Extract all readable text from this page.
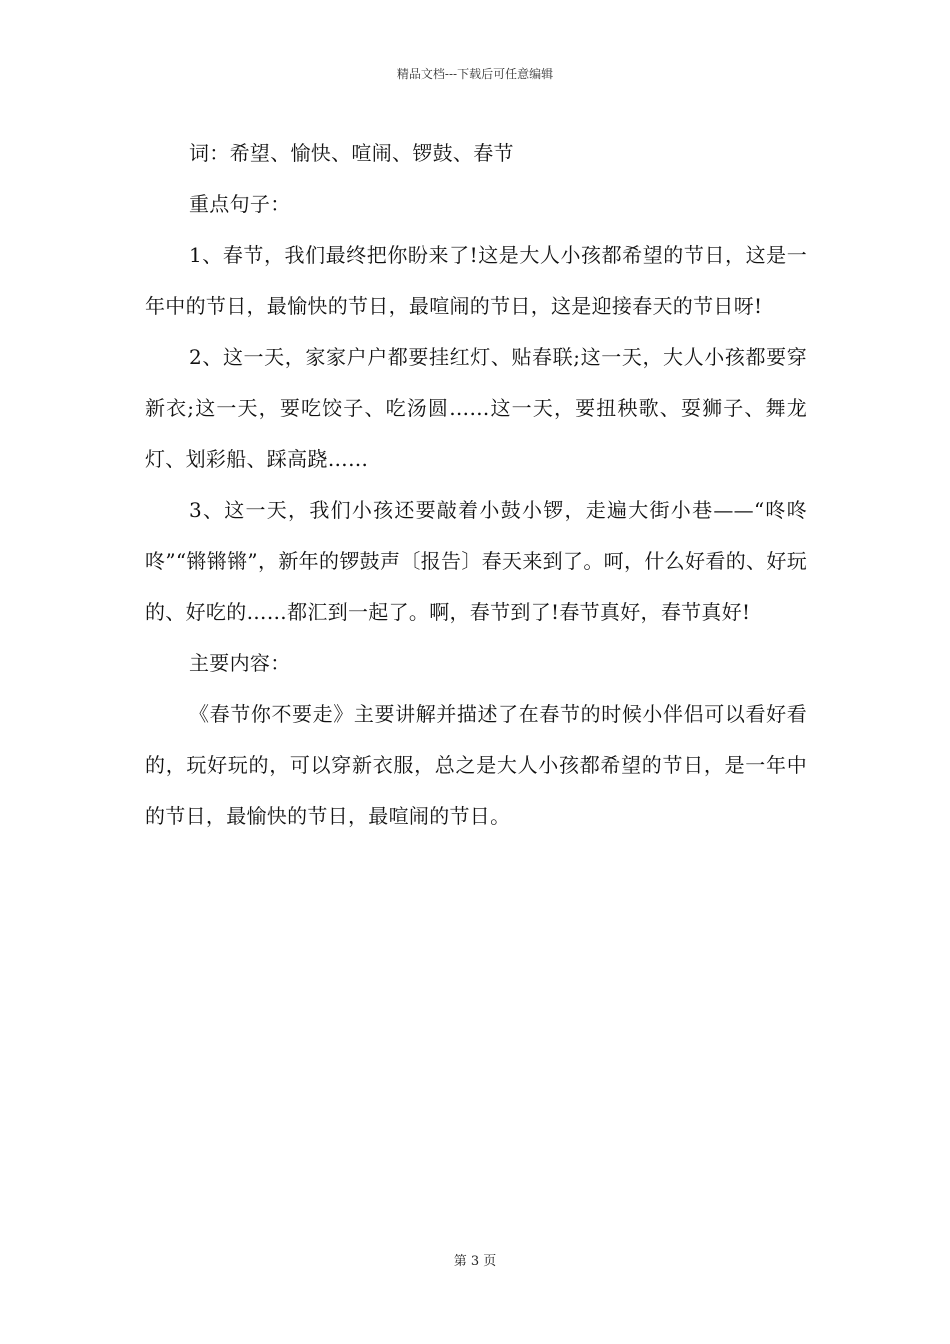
精品文档---下载后可任意编辑

词：希望、愉快、喧闹、锣鼓、春节

重点句子：

1、春节，我们最终把你盼来了!这是大人小孩都希望的节日，这是一年中的节日，最愉快的节日，最喧闹的节日，这是迎接春天的节日呀!

2、这一天，家家户户都要挂红灯、贴春联;这一天，大人小孩都要穿新衣;这一天，要吃饺子、吃汤圆……这一天，要扭秧歌、耍狮子、舞龙灯、划彩船、踩高跷……

3、这一天，我们小孩还要敲着小鼓小锣，走遍大街小巷——“咚咚咚”“锵锵锵”，新年的锣鼓声〔报告〕春天来到了。呵，什么好看的、好玩的、好吃的……都汇到一起了。啊，春节到了!春节真好，春节真好!

主要内容：

《春节你不要走》主要讲解并描述了在春节的时候小伴侣可以看好看的，玩好玩的，可以穿新衣服，总之是大人小孩都希望的节日，是一年中的节日，最愉快的节日，最喧闹的节日。

第 3 页
